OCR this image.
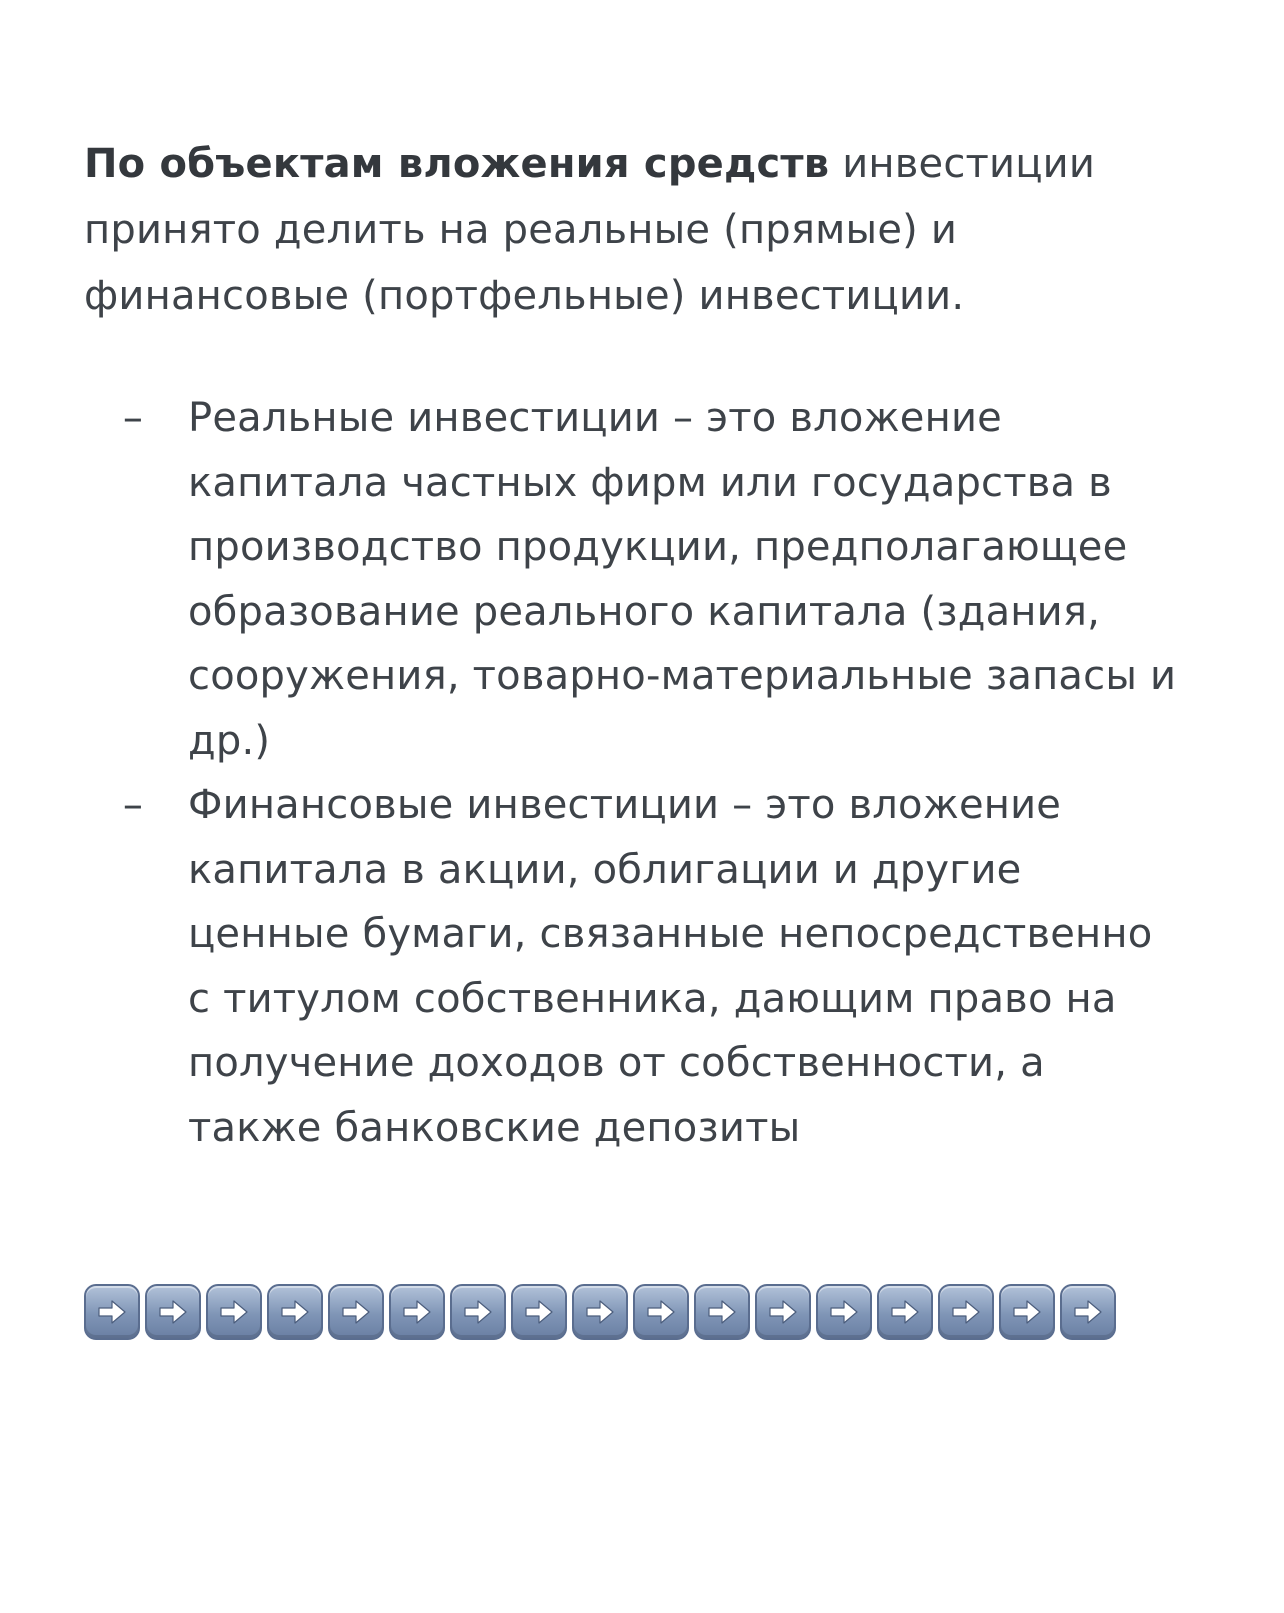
По объектам вложения средств инвестиции принято делить на реальные (прямые) и финансовые (портфельные) инвестиции.

– Реальные инвестиции – это вложение капитала частных фирм или государства в производство продукции, предполагающее образование реального капитала (здания, сооружения, товарно-материальные запасы и др.)
– Финансовые инвестиции – это вложение капитала в акции, облигации и другие ценные бумаги, связанные непосредственно с титулом собственника, дающим право на получение доходов от собственности, а также банковские депозиты
